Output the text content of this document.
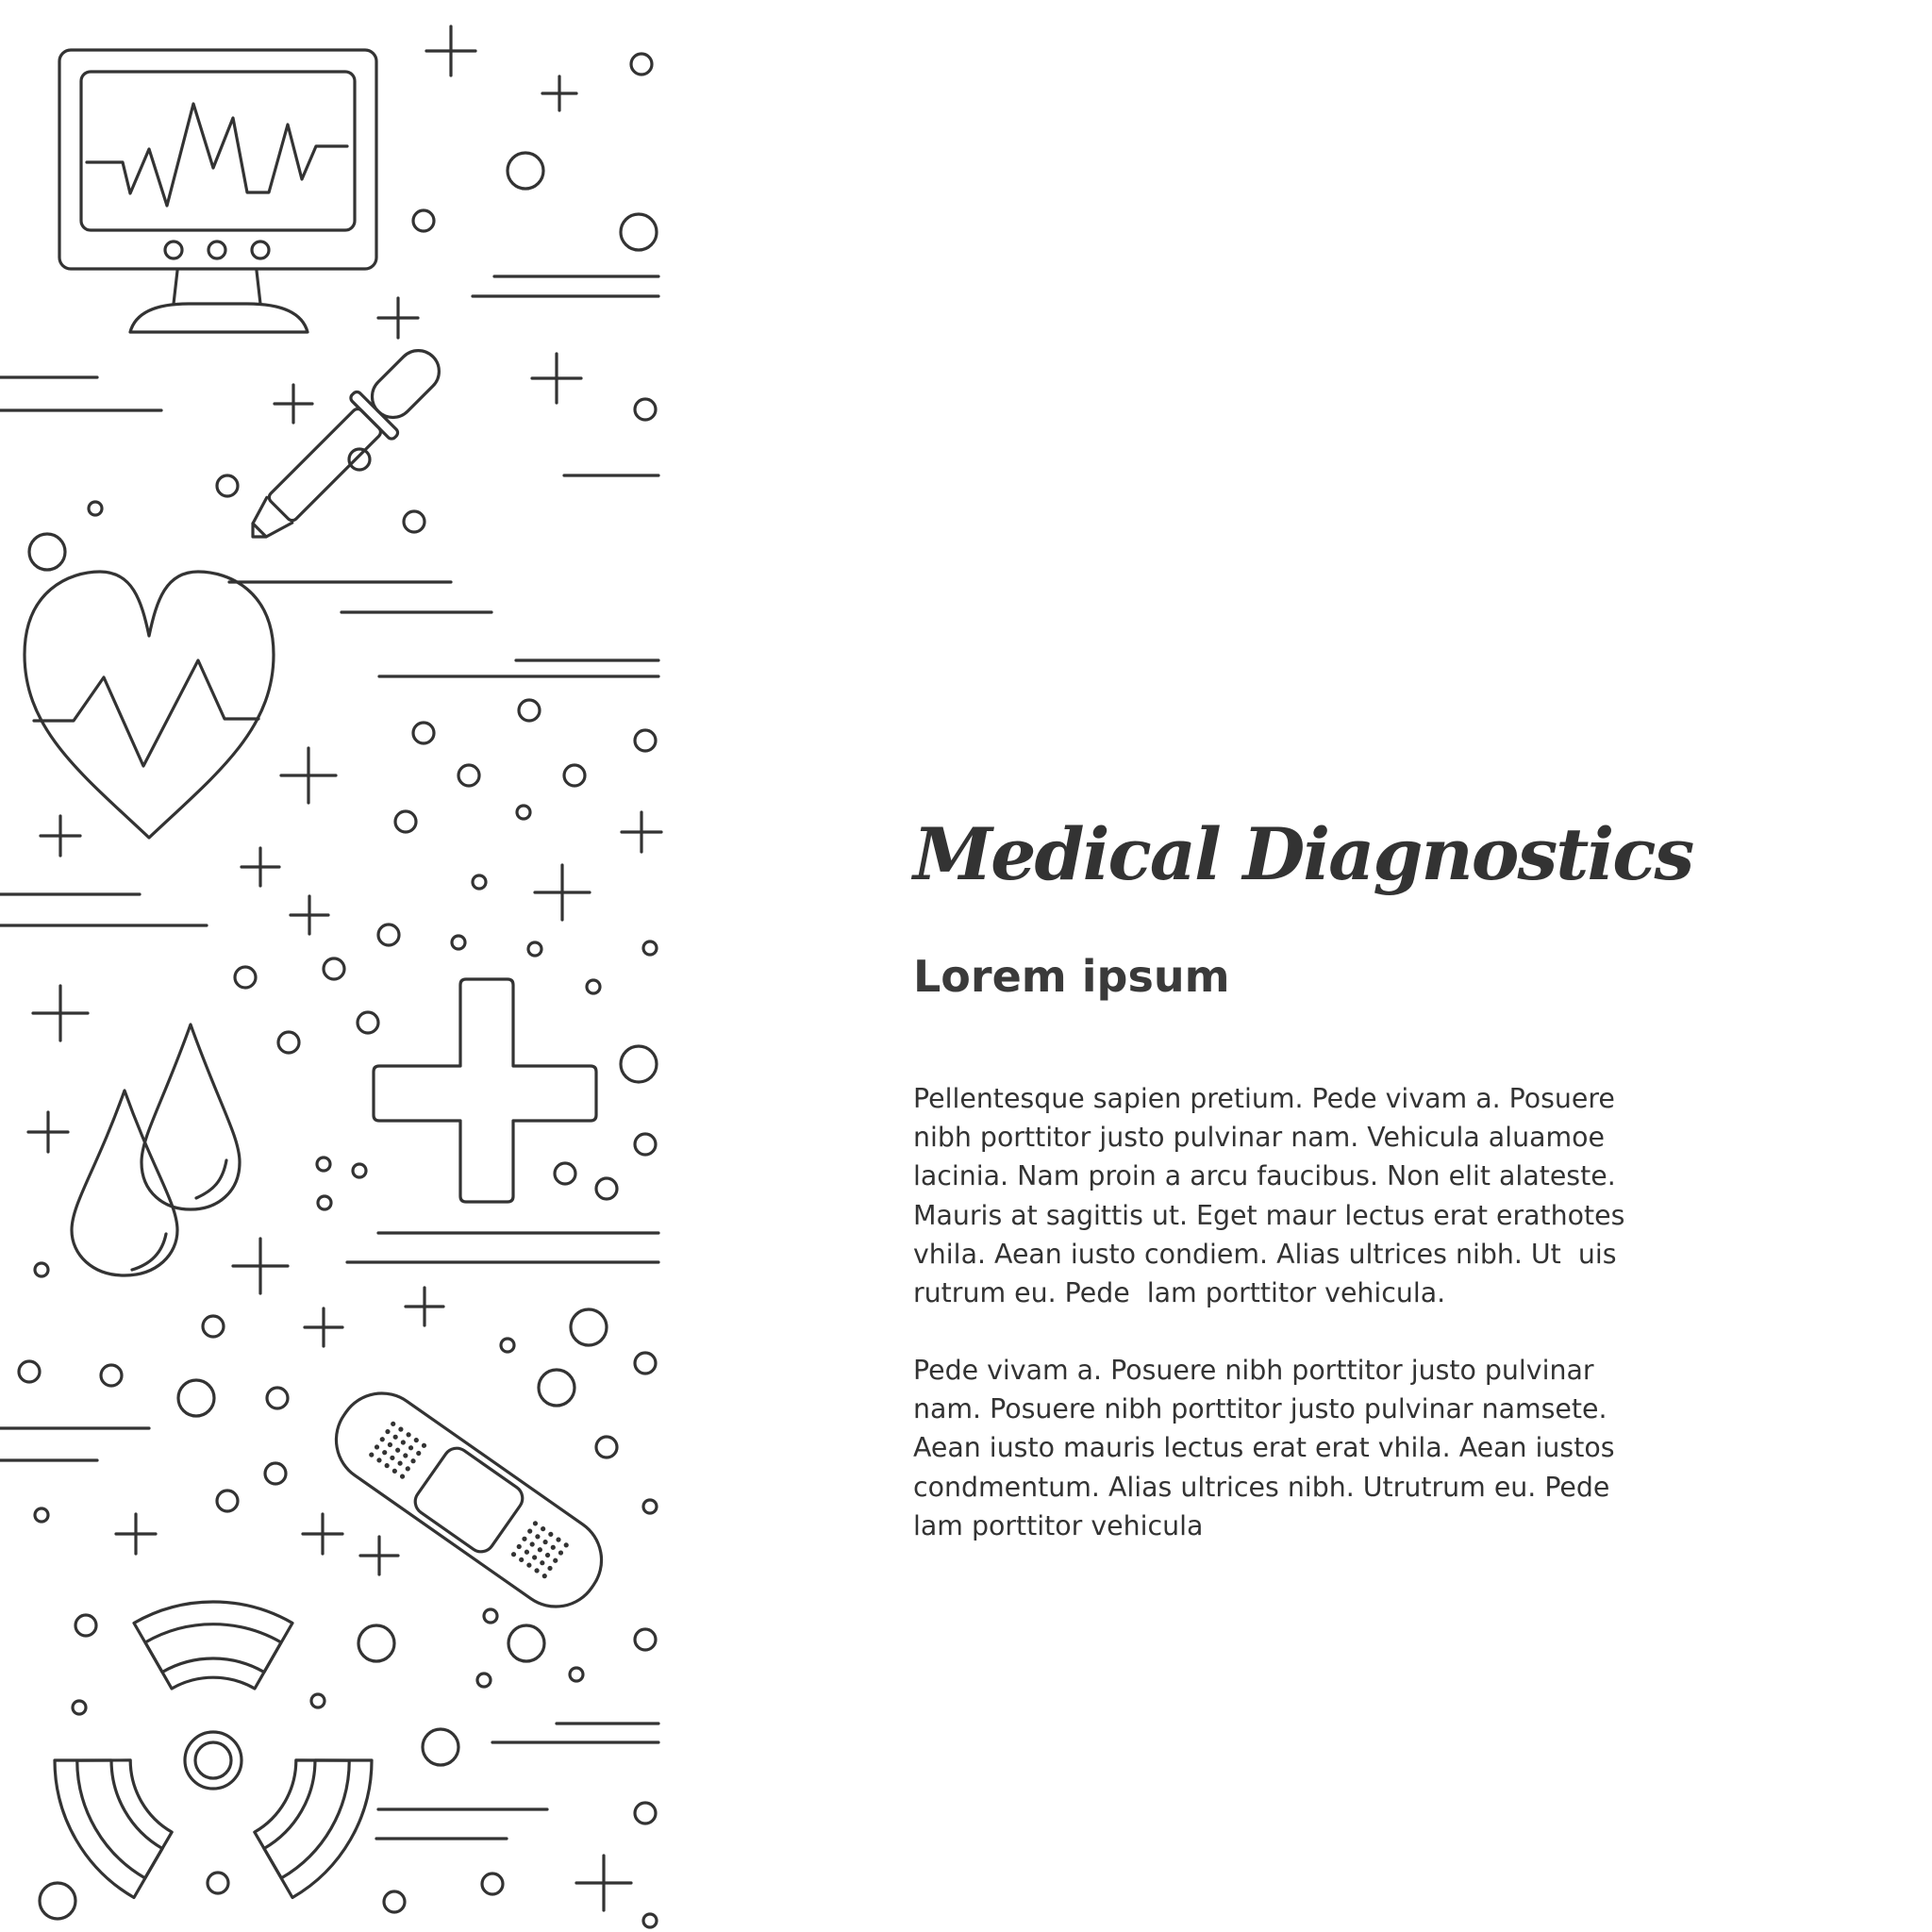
Medical Diagnostics
Lorem ipsum

Pellentesque sapien pretium. Pede vivam a. Posuere
nibh porttitor justo pulvinar nam. Vehicula aluamoe
lacinia. Nam proin a arcu faucibus. Non elit alateste.
Mauris at sagittis ut. Eget maur lectus erat erathotes
vhila. Aean iusto condiem. Alias ultrices nibh. Ut  uis
rutrum eu. Pede  lam porttitor vehicula.

Pede vivam a. Posuere nibh porttitor justo pulvinar
nam. Posuere nibh porttitor justo pulvinar namsete.
Aean iusto mauris lectus erat erat vhila. Aean iustos
condmentum. Alias ultrices nibh. Utrutrum eu. Pede
lam porttitor vehicula
